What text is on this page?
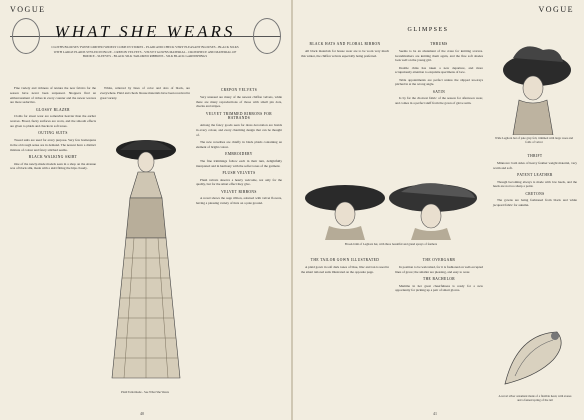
VOGUE
WHAT SHE WEARS
CLOTHS BLOUSES TWINE LIMITED WIDELY COME IN STORES - PLAID AND CHECK VERY PLEASANT BLOUSES - BLACK SILKS WITH LARGE PLAIDS STYLED IN BLUE - CREPON VELVETS - VELVET GOWNS MATERIAL - CROSSPIECE AND MATERIAL OF BODICE - SLEEVES - BLACK SILK TAILORED RIBBONS - SILK BLACK GARNISHINGS

Fine variety and richness of texture the new fabrics for the season have never been surpassed. Shoppers find an embarrassment of riches in every counter and the newer weaves are more seductive.

GLOSSY BLAZER

Cloths for street wear are somewhat heavier than the earlier weaves. Broad, fuzzy surfaces are worn, and the smooth effects are given to plaids and checks in soft tones.

OUTING SUITS

Tweed suits are used for every purpose. Very few homespuns in the old rough sense are in demand. The newest have a distinct mixture of colour and fancy stitched seams.

BLACK WALKING SKIRT

One of the newly-made models seen in a shop on the Avenue was of black silk, made with a skirt fitting the hips closely.

White, relieved by lines of color and dots of black, are everywhere. Plaid and check blouse materials have been received in great variety.

Plaid Tailormade - See What She Wears
CREPON VELVETS

Very unusual are many of the newest chiffon velvets, while there are many reproductions of those with small pin dots, checks and stripes.

VELVET TRIMMED RIBBONS FOR HATBANDS

Among the fancy goods seen for dress decoration are braids in every colour, and every charming design that can be thought of.

The new novelties are chiefly in black plaids containing an element of bright colour.

EMBROIDERY

The fine trimmings follow each in their turn, delightfully interpreted and in harmony with the softer tones of the garment.

PLUSH VELVETS

Plush velvets deserve a hearty welcome, not only for the quality, but for the smart effect they give.

VELVET RIBBONS

A novel shows the sage ribbon, adorned with velvet flowers, having a pleasing variety of tints on a pale ground.

40
VOGUE
GLIMPSES
BLACK HATS AND FLORAL RIBBON

All black materials for house wear are to be worn very much this winter, the chiffon velvets especially being preferred.

THRUMS

Seems to be an abatement of the craze for knitting scarves. Grandmothers are knitting them again, and the fine soft shades look well on the young girl.

Double chins has taken a new departure, and more scrupulously attention to exquisite specimens of lace.

Table appointments are perfect unless the slipped tea-trays pitched in at the wrong angle.

SATIN

Is by far the choicest fabric of the season for afternoon wear, and comes in a perfect stuff from the gown of glove satin.

Wide Leghorn hat of pale gray felt, trimmed with large roses and folds of velvet
Broad-brim of Leghorn hat, with three beautiful and grand sprays of feathers
THE TAILOR GOWN ILLUSTRATED

A plaid gown in soft dark tones of blue, lilac and tan is used in the smart tailored suits illustrated on the opposite page.

THE OVERGARB

In position to be welcomed, for it is fashioned on well-accepted lines of grace; the smaller are pleasing, and easy to wear.

THE BACHELOR

Mamma in her great cheerfulness is ready for a new opportunity for picking up a pair of smart gloves.

THRIFT

Minnows: both sides of heavy feather weight material, very warm and soft.

PATENT LEATHER

Though becoming always is made with low heels, and the heels are not too sharp a point.

CRETONS

The gowns are being fashioned from black and white jacquard fabric for autumn.

A novel silver ornament made of a flexible head, with stones and a fanned spring of the tail
41
